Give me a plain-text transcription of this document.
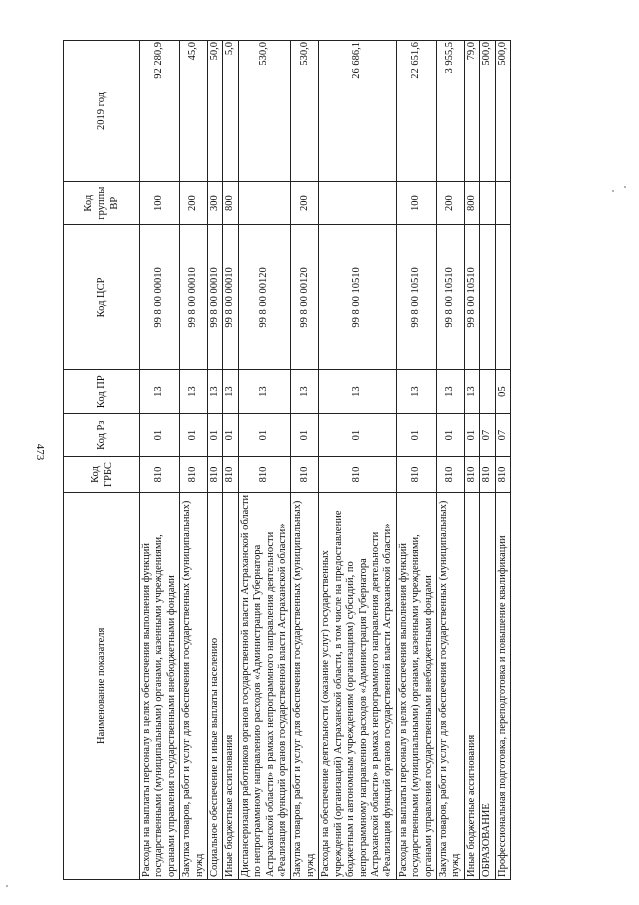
473
Наименование показателя	Код ГРБС	Код Рз	Код ПР	Код ЦСР	Код группы ВР	2019 год
Расходы на выплаты персоналу в целях обеспечения выполнения функций государственными (муниципальными) органами, казенными учреждениями, органами управления государственными внебюджетными фондами	810	01	13	99 8 00 00010	100	92 280,9
Закупка товаров, работ и услуг для обеспечения государственных (муниципальных) нужд	810	01	13	99 8 00 00010	200	45,0
Социальное обеспечение и иные выплаты населению	810	01	13	99 8 00 00010	300	50,0
Иные бюджетные ассигнования	810	01	13	99 8 00 00010	800	5,0
Диспансеризация работников органов государственной власти Астраханской области по непрограммному направлению расходов «Администрация Губернатора Астраханской области» в рамках непрограммного направления деятельности «Реализация функций органов государственной власти Астраханской области»	810	01	13	99 8 00 00120		530,0
Закупка товаров, работ и услуг для обеспечения государственных (муниципальных) нужд	810	01	13	99 8 00 00120	200	530,0
Расходы на обеспечение деятельности (оказание услуг) государственных учреждений (организаций) Астраханской области, в том числе на предоставление бюджетным и автономным учреждениям (организациям) субсидий, по непрограммному направлению расходов «Администрация Губернатора Астраханской области» в рамках непрограммного направления деятельности «Реализация функций органов государственной власти Астраханской области»	810	01	13	99 8 00 10510		26 686,1
Расходы на выплаты персоналу в целях обеспечения выполнения функций государственными (муниципальными) органами, казенными учреждениями, органами управления государственными внебюджетными фондами	810	01	13	99 8 00 10510	100	22 651,6
Закупка товаров, работ и услуг для обеспечения государственных (муниципальных) нужд	810	01	13	99 8 00 10510	200	3 955,5
Иные бюджетные ассигнования	810	01	13	99 8 00 10510	800	79,0
ОБРАЗОВАНИЕ	810	07				500,0
Профессиональная подготовка, переподготовка и повышение квалификации	810	07	05			500,0
